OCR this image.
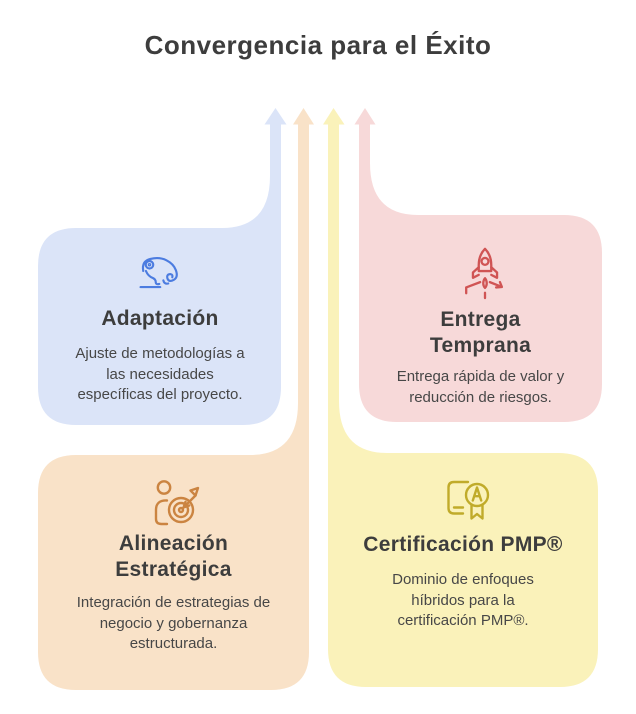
Convergencia para el Éxito
Adaptación
Ajuste de metodologías a las necesidades específicas del proyecto.
Entrega Temprana
Entrega rápida de valor y reducción de riesgos.
Alineación Estratégica
Integración de estrategias de negocio y gobernanza estructurada.
Certificación PMP®
Dominio de enfoques híbridos para la certificación PMP®.
